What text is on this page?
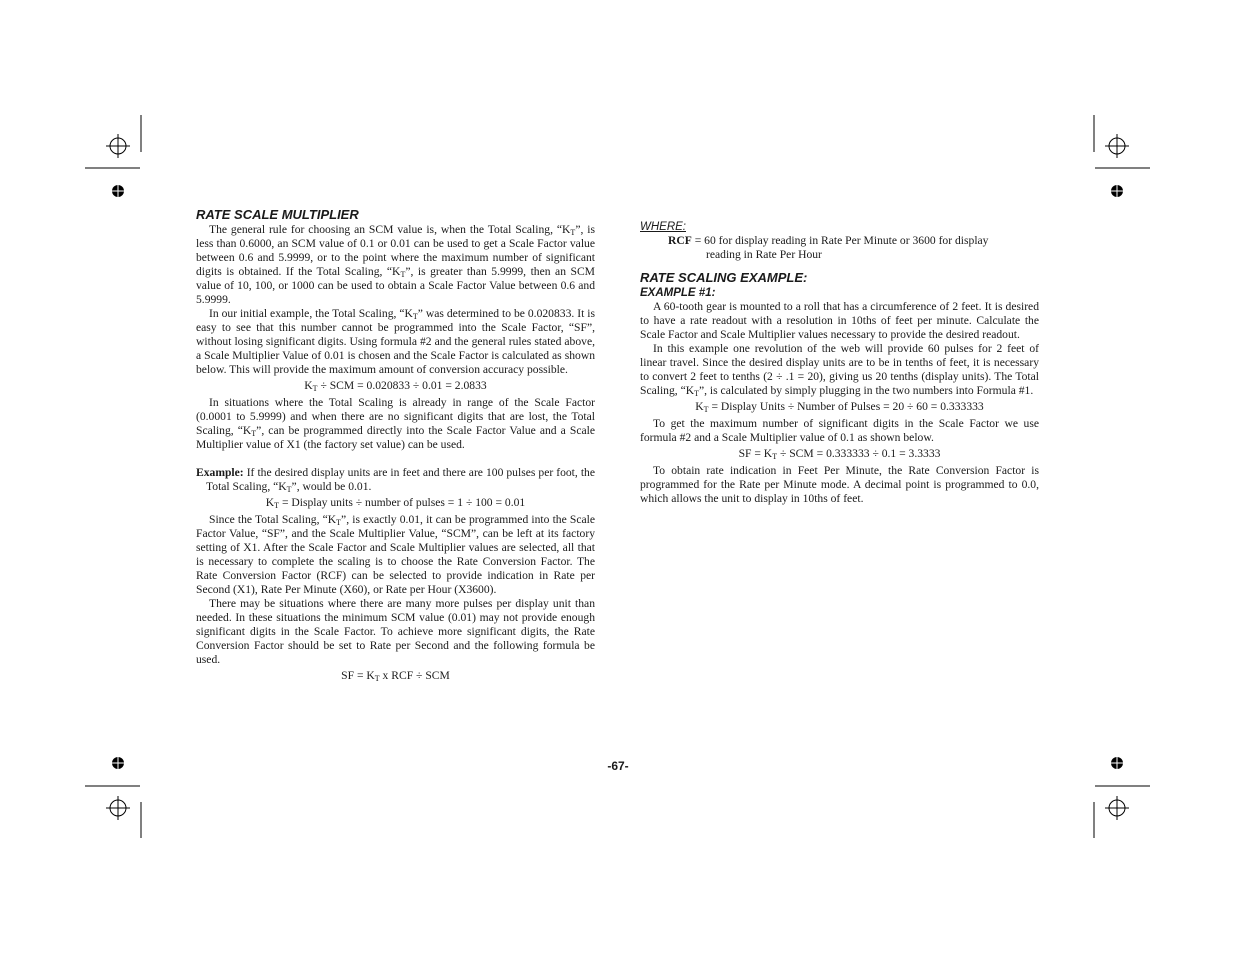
RATE SCALE MULTIPLIER

The general rule for choosing an SCM value is, when the Total Scaling, “$K_T$”, is less than 0.6000, an SCM value of 0.1 or 0.01 can be used to get a Scale Factor value between 0.6 and 5.9999, or to the point where the maximum number of significant digits is obtained. If the Total Scaling, “$K_T$”, is greater than 5.9999, then an SCM value of 10, 100, or 1000 can be used to obtain a Scale Factor Value between 0.6 and 5.9999.

In our initial example, the Total Scaling, “$K_T$” was determined to be 0.020833. It is easy to see that this number cannot be programmed into the Scale Factor, “SF”, without losing significant digits. Using formula #2 and the general rules stated above, a Scale Multiplier Value of 0.01 is chosen and the Scale Factor is calculated as shown below. This will provide the maximum amount of conversion accuracy possible.

$K_T$ ÷ SCM = 0.020833 ÷ 0.01 = 2.0833

In situations where the Total Scaling is already in range of the Scale Factor (0.0001 to 5.9999) and when there are no significant digits that are lost, the Total Scaling, “$K_T$”, can be programmed directly into the Scale Factor Value and a Scale Multiplier value of X1 (the factory set value) can be used.

Example: If the desired display units are in feet and there are 100 pulses per foot, the Total Scaling, “$K_T$”, would be 0.01.

$K_T$ = Display units ÷ number of pulses = 1 ÷ 100 = 0.01

Since the Total Scaling, “$K_T$”, is exactly 0.01, it can be programmed into the Scale Factor Value, “SF”, and the Scale Multiplier Value, “SCM”, can be left at its factory setting of X1. After the Scale Factor and Scale Multiplier values are selected, all that is necessary to complete the scaling is to choose the Rate Conversion Factor. The Rate Conversion Factor (RCF) can be selected to provide indication in Rate per Second (X1), Rate Per Minute (X60), or Rate per Hour (X3600).

There may be situations where there are many more pulses per display unit than needed. In these situations the minimum SCM value (0.01) may not provide enough significant digits in the Scale Factor. To achieve more significant digits, the Rate Conversion Factor should be set to Rate per Second and the following formula be used.

SF = $K_T$ x RCF ÷ SCM

WHERE:

RCF = 60 for display reading in Rate Per Minute or 3600 for display
reading in Rate Per Hour

RATE SCALING EXAMPLE:
EXAMPLE #1:

A 60-tooth gear is mounted to a roll that has a circumference of 2 feet. It is desired to have a rate readout with a resolution in 10ths of feet per minute. Calculate the Scale Factor and Scale Multiplier values necessary to provide the desired readout.

In this example one revolution of the web will provide 60 pulses for 2 feet of linear travel. Since the desired display units are to be in tenths of feet, it is necessary to convert 2 feet to tenths (2 ÷ .1 = 20), giving us 20 tenths (display units). The Total Scaling, “$K_T$”, is calculated by simply plugging in the two numbers into Formula #1.

$K_T$ = Display Units ÷ Number of Pulses = 20 ÷ 60 = 0.333333

To get the maximum number of significant digits in the Scale Factor we use formula #2 and a Scale Multiplier value of 0.1 as shown below.

SF = $K_T$ ÷ SCM = 0.333333 ÷ 0.1 = 3.3333

To obtain rate indication in Feet Per Minute, the Rate Conversion Factor is programmed for the Rate per Minute mode. A decimal point is programmed to 0.0, which allows the unit to display in 10ths of feet.

-67-
